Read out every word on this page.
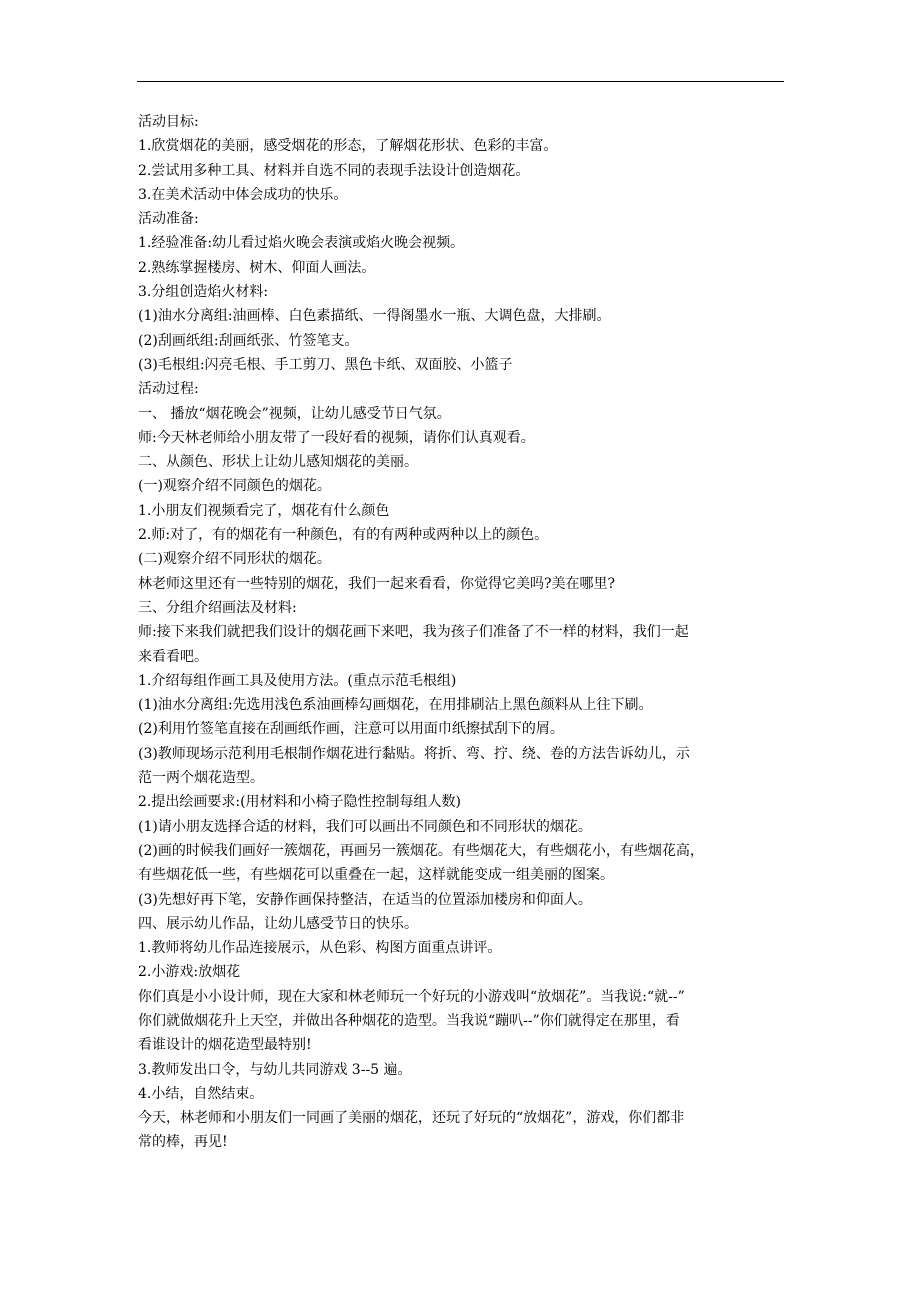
活动目标:
1.欣赏烟花的美丽，感受烟花的形态，了解烟花形状、色彩的丰富。
2.尝试用多种工具、材料并自选不同的表现手法设计创造烟花。
3.在美术活动中体会成功的快乐。
活动准备:
1.经验准备:幼儿看过焰火晚会表演或焰火晚会视频。
2.熟练掌握楼房、树木、仰面人画法。
3.分组创造焰火材料:
(1)油水分离组:油画棒、白色素描纸、一得阁墨水一瓶、大调色盘，大排刷。
(2)刮画纸组:刮画纸张、竹签笔支。
(3)毛根组:闪亮毛根、手工剪刀、黑色卡纸、双面胶、小篮子
活动过程:
一、 播放“烟花晚会”视频，让幼儿感受节日气氛。
师:今天林老师给小朋友带了一段好看的视频，请你们认真观看。
二、从颜色、形状上让幼儿感知烟花的美丽。
(一)观察介绍不同颜色的烟花。
1.小朋友们视频看完了，烟花有什么颜色
2.师:对了，有的烟花有一种颜色，有的有两种或两种以上的颜色。
(二)观察介绍不同形状的烟花。
林老师这里还有一些特别的烟花，我们一起来看看，你觉得它美吗?美在哪里?
三、分组介绍画法及材料:
师:接下来我们就把我们设计的烟花画下来吧，我为孩子们准备了不一样的材料，我们一起
来看看吧。
1.介绍每组作画工具及使用方法。(重点示范毛根组)
(1)油水分离组:先选用浅色系油画棒勾画烟花，在用排刷沾上黑色颜料从上往下刷。
(2)利用竹签笔直接在刮画纸作画，注意可以用面巾纸擦拭刮下的屑。
(3)教师现场示范利用毛根制作烟花进行黏贴。将折、弯、拧、绕、卷的方法告诉幼儿，示
范一两个烟花造型。
2.提出绘画要求:(用材料和小椅子隐性控制每组人数)
(1)请小朋友选择合适的材料，我们可以画出不同颜色和不同形状的烟花。
(2)画的时候我们画好一簇烟花，再画另一簇烟花。有些烟花大，有些烟花小，有些烟花高，
有些烟花低一些，有些烟花可以重叠在一起，这样就能变成一组美丽的图案。
(3)先想好再下笔，安静作画保持整洁，在适当的位置添加楼房和仰面人。
四、展示幼儿作品，让幼儿感受节日的快乐。
1.教师将幼儿作品连接展示，从色彩、构图方面重点讲评。
2.小游戏:放烟花
你们真是小小设计师，现在大家和林老师玩一个好玩的小游戏叫“放烟花”。当我说:“就--”
你们就做烟花升上天空，并做出各种烟花的造型。当我说“蹦叭--”你们就得定在那里，看
看谁设计的烟花造型最特别!
3.教师发出口令，与幼儿共同游戏 3--5 遍。
4.小结，自然结束。
今天，林老师和小朋友们一同画了美丽的烟花，还玩了好玩的“放烟花”，游戏，你们都非
常的棒，再见!
